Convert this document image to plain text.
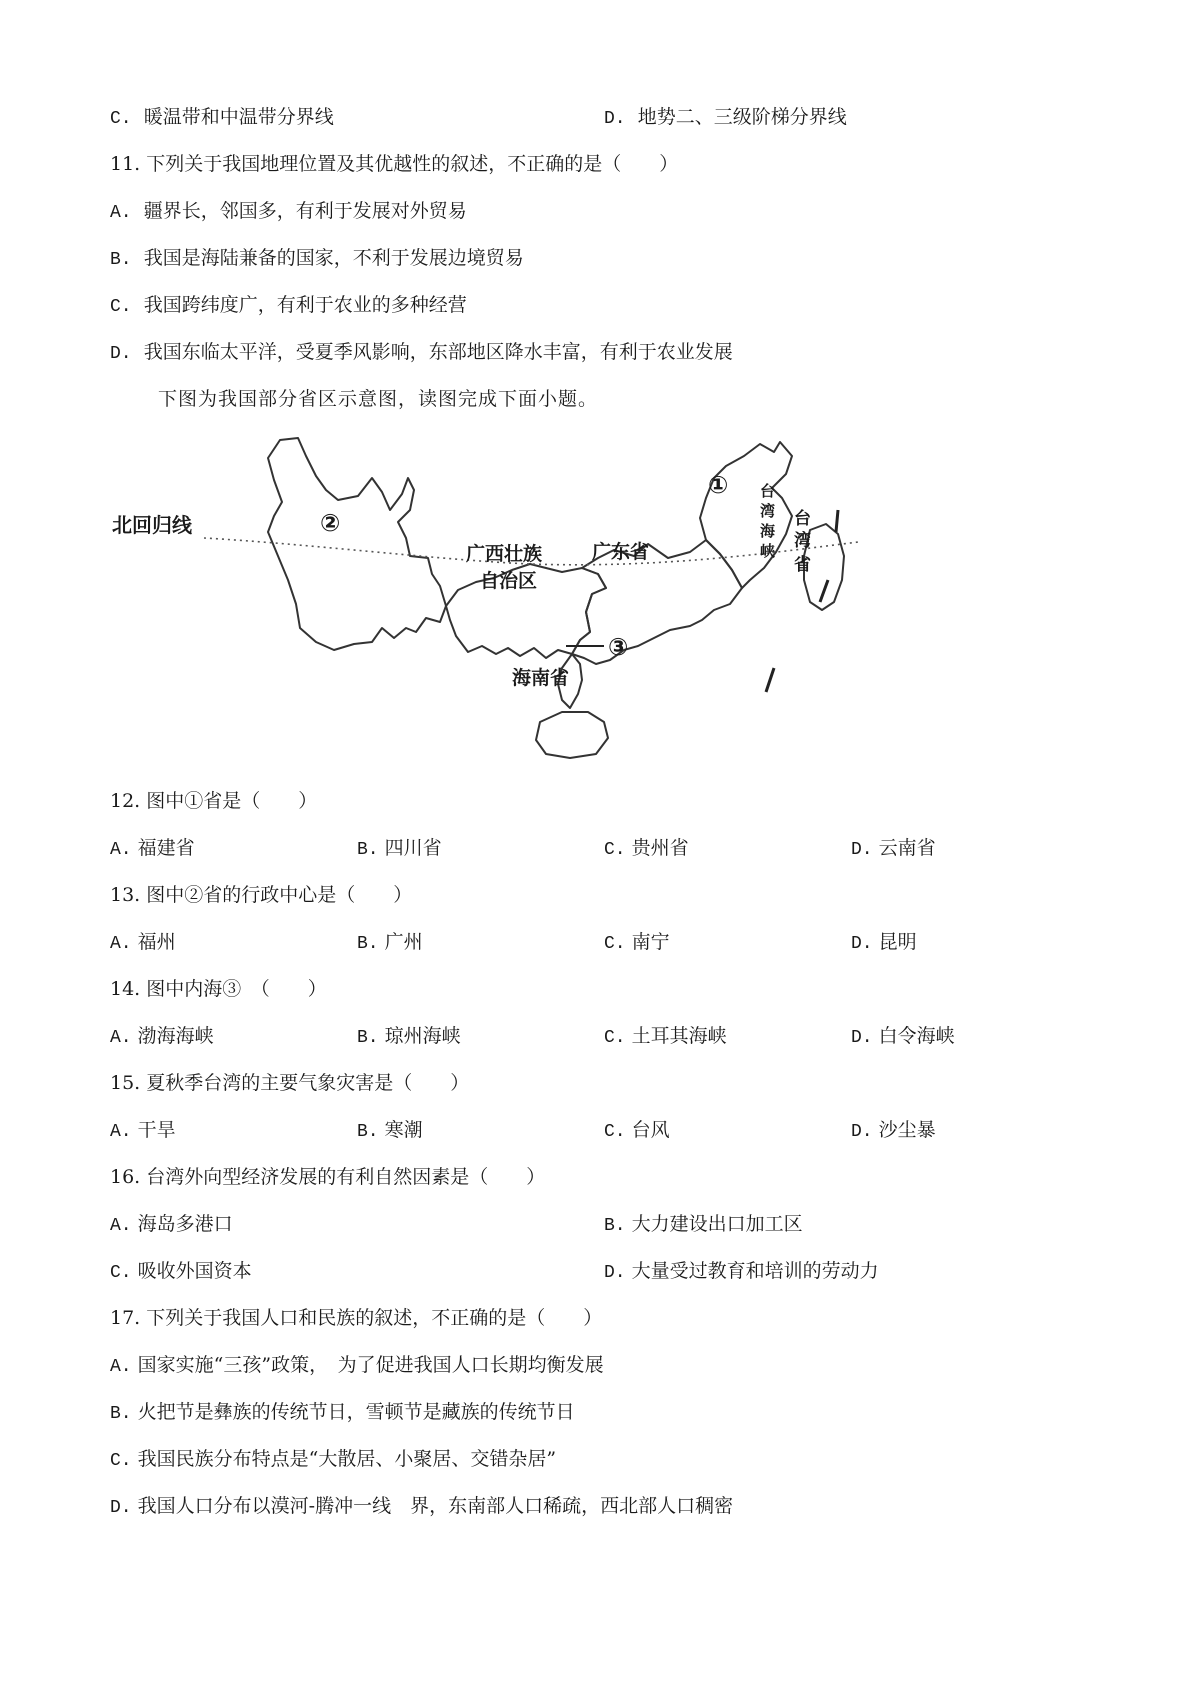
C. 暖温带和中温带分界线	D. 地势二、三级阶梯分界线
11. 下列关于我国地理位置及其优越性的叙述，不正确的是（　　）
A. 疆界长，邻国多，有利于发展对外贸易
B. 我国是海陆兼备的国家，不利于发展边境贸易
C. 我国跨纬度广，有利于农业的多种经营
D. 我国东临太平洋，受夏季风影响，东部地区降水丰富，有利于农业发展
下图为我国部分省区示意图，读图完成下面小题。
北回归线	②
①
③
广西壮族
自治区
广东省
海南省
台
湾
海
峡
台
湾
省
12. 图中①省是（　　）
A. 福建省	B. 四川省	C. 贵州省	D. 云南省
13. 图中②省的行政中心是（　　）
A. 福州	B. 广州	C. 南宁	D. 昆明
14. 图中内海③　（　　）
A. 渤海海峡	B. 琼州海峡	C. 土耳其海峡	D. 白令海峡
15. 夏秋季台湾的主要气象灾害是（　　）
A. 干旱	B. 寒潮	C. 台风	D. 沙尘暴
16. 台湾外向型经济发展的有利自然因素是（　　）
A. 海岛多港口	B. 大力建设出口加工区
C. 吸收外国资本	D. 大量受过教育和培训的劳动力
17. 下列关于我国人口和民族的叙述，不正确的是（　　）
A. 国家实施“三孩”政策，　为了促进我国人口长期均衡发展
B. 火把节是彝族的传统节日，雪顿节是藏族的传统节日
C. 我国民族分布特点是“大散居、小聚居、交错杂居”
D. 我国人口分布以漠河-腾冲一线　界，东南部人口稀疏，西北部人口稠密
